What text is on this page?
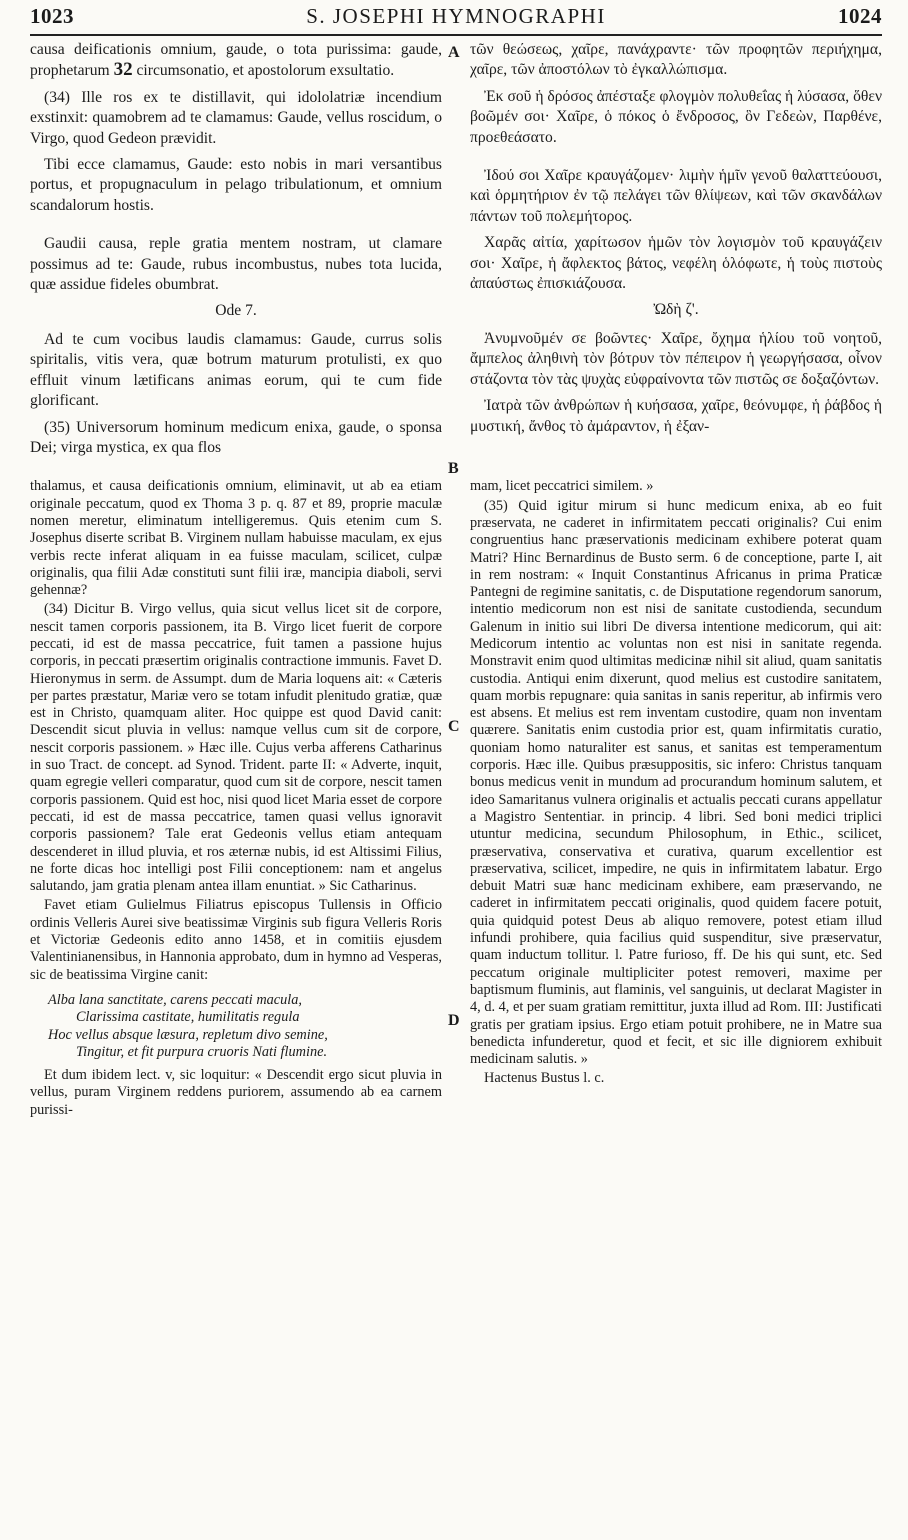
1023	S. JOSEPHI HYMNOGRAPHI	1024
A
B

causa deificationis omnium, gaude, o tota purissima: gaude, prophetarum 32 circumsonatio, et apostolorum exsultatio.

(34) Ille ros ex te distillavit, qui idololatriæ incendium exstinxit: quamobrem ad te clamamus: Gaude, vellus roscidum, o Virgo, quod Gedeon prævidit.

Tibi ecce clamamus, Gaude: esto nobis in mari versantibus portus, et propugnaculum in pelago tribulationum, et omnium scandalorum hostis.

Gaudii causa, reple gratia mentem nostram, ut clamare possimus ad te: Gaude, rubus incombustus, nubes tota lucida, quæ assidue fideles obumbrat.

Ode 7.

Ad te cum vocibus laudis clamamus: Gaude, currus solis spiritalis, vitis vera, quæ botrum maturum protulisti, ex quo effluit vinum lætificans animas eorum, qui te cum fide glorificant.

(35) Universorum hominum medicum enixa, gaude, o sponsa Dei; virga mystica, ex qua flos

τῶν θεώσεως, χαῖρε, πανάχραντε· τῶν προφητῶν περιήχημα, χαῖρε, τῶν ἀποστόλων τὸ ἐγκαλλώπισμα.

Ἐκ σοῦ ἡ δρόσος ἀπέσταξε φλογμὸν πολυθεΐας ἡ λύσασα, ὅθεν βοῶμέν σοι· Χαῖρε, ὁ πόκος ὁ ἔνδροσος, ὃν Γεδεὼν, Παρθένε, προεθεάσατο.

Ἰδού σοι Χαῖρε κραυγάζομεν· λιμὴν ἡμῖν γενοῦ θαλαττεύουσι, καὶ ὁρμητήριον ἐν τῷ πελάγει τῶν θλίψεων, καὶ τῶν σκανδάλων πάντων τοῦ πολεμήτορος.

Χαρᾶς αἰτία, χαρίτωσον ἡμῶν τὸν λογισμὸν τοῦ κραυγάζειν σοι· Χαῖρε, ἡ ἄφλεκτος βάτος, νεφέλη ὁλόφωτε, ἡ τοὺς πιστοὺς ἀπαύστως ἐπισκιάζουσα.

Ὠδὴ ζ'.

Ἀνυμνοῦμέν σε βοῶντες· Χαῖρε, ὄχημα ἡλίου τοῦ νοητοῦ, ἄμπελος ἀληθινὴ τὸν βότρυν τὸν πέπειρον ἡ γεωργήσασα, οἶνον στάζοντα τὸν τὰς ψυχὰς εὐφραίνοντα τῶν πιστῶς σε δοξαζόντων.

Ἰατρὰ τῶν ἀνθρώπων ἡ κυήσασα, χαῖρε, θεόνυμφε, ἡ ῥάβδος ἡ μυστική, ἄνθος τὸ ἀμάραντον, ἡ ἐξαν-

C
D

thalamus, et causa deificationis omnium, eliminavit, ut ab ea etiam originale peccatum, quod ex Thoma 3 p. q. 87 et 89, proprie maculæ nomen meretur, eliminatum intelligeremus. Quis etenim cum S. Josephus diserte scribat B. Virginem nullam habuisse maculam, ex ejus verbis recte inferat aliquam in ea fuisse maculam, scilicet, culpæ originalis, qua filii Adæ constituti sunt filii iræ, mancipia diaboli, servi gehennæ?

(34) Dicitur B. Virgo vellus, quia sicut vellus licet sit de corpore, nescit tamen corporis passionem, ita B. Virgo licet fuerit de corpore peccati, id est de massa peccatrice, fuit tamen a passione hujus corporis, in peccati præsertim originalis contractione immunis. Favet D. Hieronymus in serm. de Assumpt. dum de Maria loquens ait: « Cæteris per partes præstatur, Mariæ vero se totam infudit plenitudo gratiæ, quæ est in Christo, quamquam aliter. Hoc quippe est quod David canit: Descendit sicut pluvia in vellus: namque vellus cum sit de corpore, nescit corporis passionem. » Hæc ille. Cujus verba afferens Catharinus in suo Tract. de concept. ad Synod. Trident. parte II: « Adverte, inquit, quam egregie velleri comparatur, quod cum sit de corpore, nescit tamen corporis passionem. Quid est hoc, nisi quod licet Maria esset de corpore peccati, id est de massa peccatrice, tamen quasi vellus ignoravit corporis passionem? Tale erat Gedeonis vellus etiam antequam descenderet in illud pluvia, et ros æternæ nubis, id est Altissimi Filius, ne forte dicas hoc intelligi post Filii conceptionem: nam et angelus salutando, jam gratia plenam antea illam enuntiat. » Sic Catharinus.

Favet etiam Gulielmus Filiatrus episcopus Tullensis in Officio ordinis Velleris Aurei sive beatissimæ Virginis sub figura Velleris Roris et Victoriæ Gedeonis edito anno 1458, et in comitiis ejusdem Valentinianensibus, in Hannonia approbato, dum in hymno ad Vesperas, sic de beatissima Virgine canit:

Alba lana sanctitate, carens peccati macula,
Clarissima castitate, humilitatis regula
Hoc vellus absque læsura, repletum divo semine,
Tingitur, et fit purpura cruoris Nati flumine.

Et dum ibidem lect. v, sic loquitur: « Descendit ergo sicut pluvia in vellus, puram Virginem reddens puriorem, assumendo ab ea carnem purissi-

mam, licet peccatrici similem. »

(35) Quid igitur mirum si hunc medicum enixa, ab eo fuit præservata, ne caderet in infirmitatem peccati originalis? Cui enim congruentius hanc præservationis medicinam exhibere poterat quam Matri? Hinc Bernardinus de Busto serm. 6 de conceptione, parte I, ait in rem nostram: « Inquit Constantinus Africanus in prima Praticæ Pantegni de regimine sanitatis, c. de Disputatione regendorum sanorum, intentio medicorum non est nisi de sanitate custodienda, secundum Galenum in initio sui libri De diversa intentione medicorum, qui ait: Medicorum intentio ac voluntas non est nisi in sanitate regenda. Monstravit enim quod ultimitas medicinæ nihil sit aliud, quam sanitatis custodia. Antiqui enim dixerunt, quod melius est custodire sanitatem, quam morbis repugnare: quia sanitas in sanis reperitur, ab infirmis vero est absens. Et melius est rem inventam custodire, quam non inventam quærere. Sanitatis enim custodia prior est, quam infirmitatis curatio, quoniam homo naturaliter est sanus, et sanitas est temperamentum corporis. Hæc ille. Quibus præsuppositis, sic infero: Christus tanquam bonus medicus venit in mundum ad procurandum hominum salutem, et ideo Samaritanus vulnera originalis et actualis peccati curans appellatur a Magistro Sententiar. in princip. 4 libri. Sed boni medici triplici utuntur medicina, secundum Philosophum, in Ethic., scilicet, præservativa, conservativa et curativa, quarum excellentior est præservativa, scilicet, impedire, ne quis in infirmitatem labatur. Ergo debuit Matri suæ hanc medicinam exhibere, eam præservando, ne caderet in infirmitatem peccati originalis, quod quidem facere potuit, quia quidquid potest Deus ab aliquo removere, potest etiam illud infundi prohibere, quia facilius quid suspenditur, sive præservatur, quam inductum tollitur. l. Patre furioso, ff. De his qui sunt, etc. Sed peccatum originale multipliciter potest removeri, maxime per baptismum fluminis, aut flaminis, vel sanguinis, ut declarat Magister in 4, d. 4, et per suam gratiam remittitur, juxta illud ad Rom. III: Justificati gratis per gratiam ipsius. Ergo etiam potuit prohibere, ne in Matre sua benedicta infunderetur, quod et fecit, et sic ille digniorem exhibuit medicinam salutis. »

Hactenus Bustus l. c.
